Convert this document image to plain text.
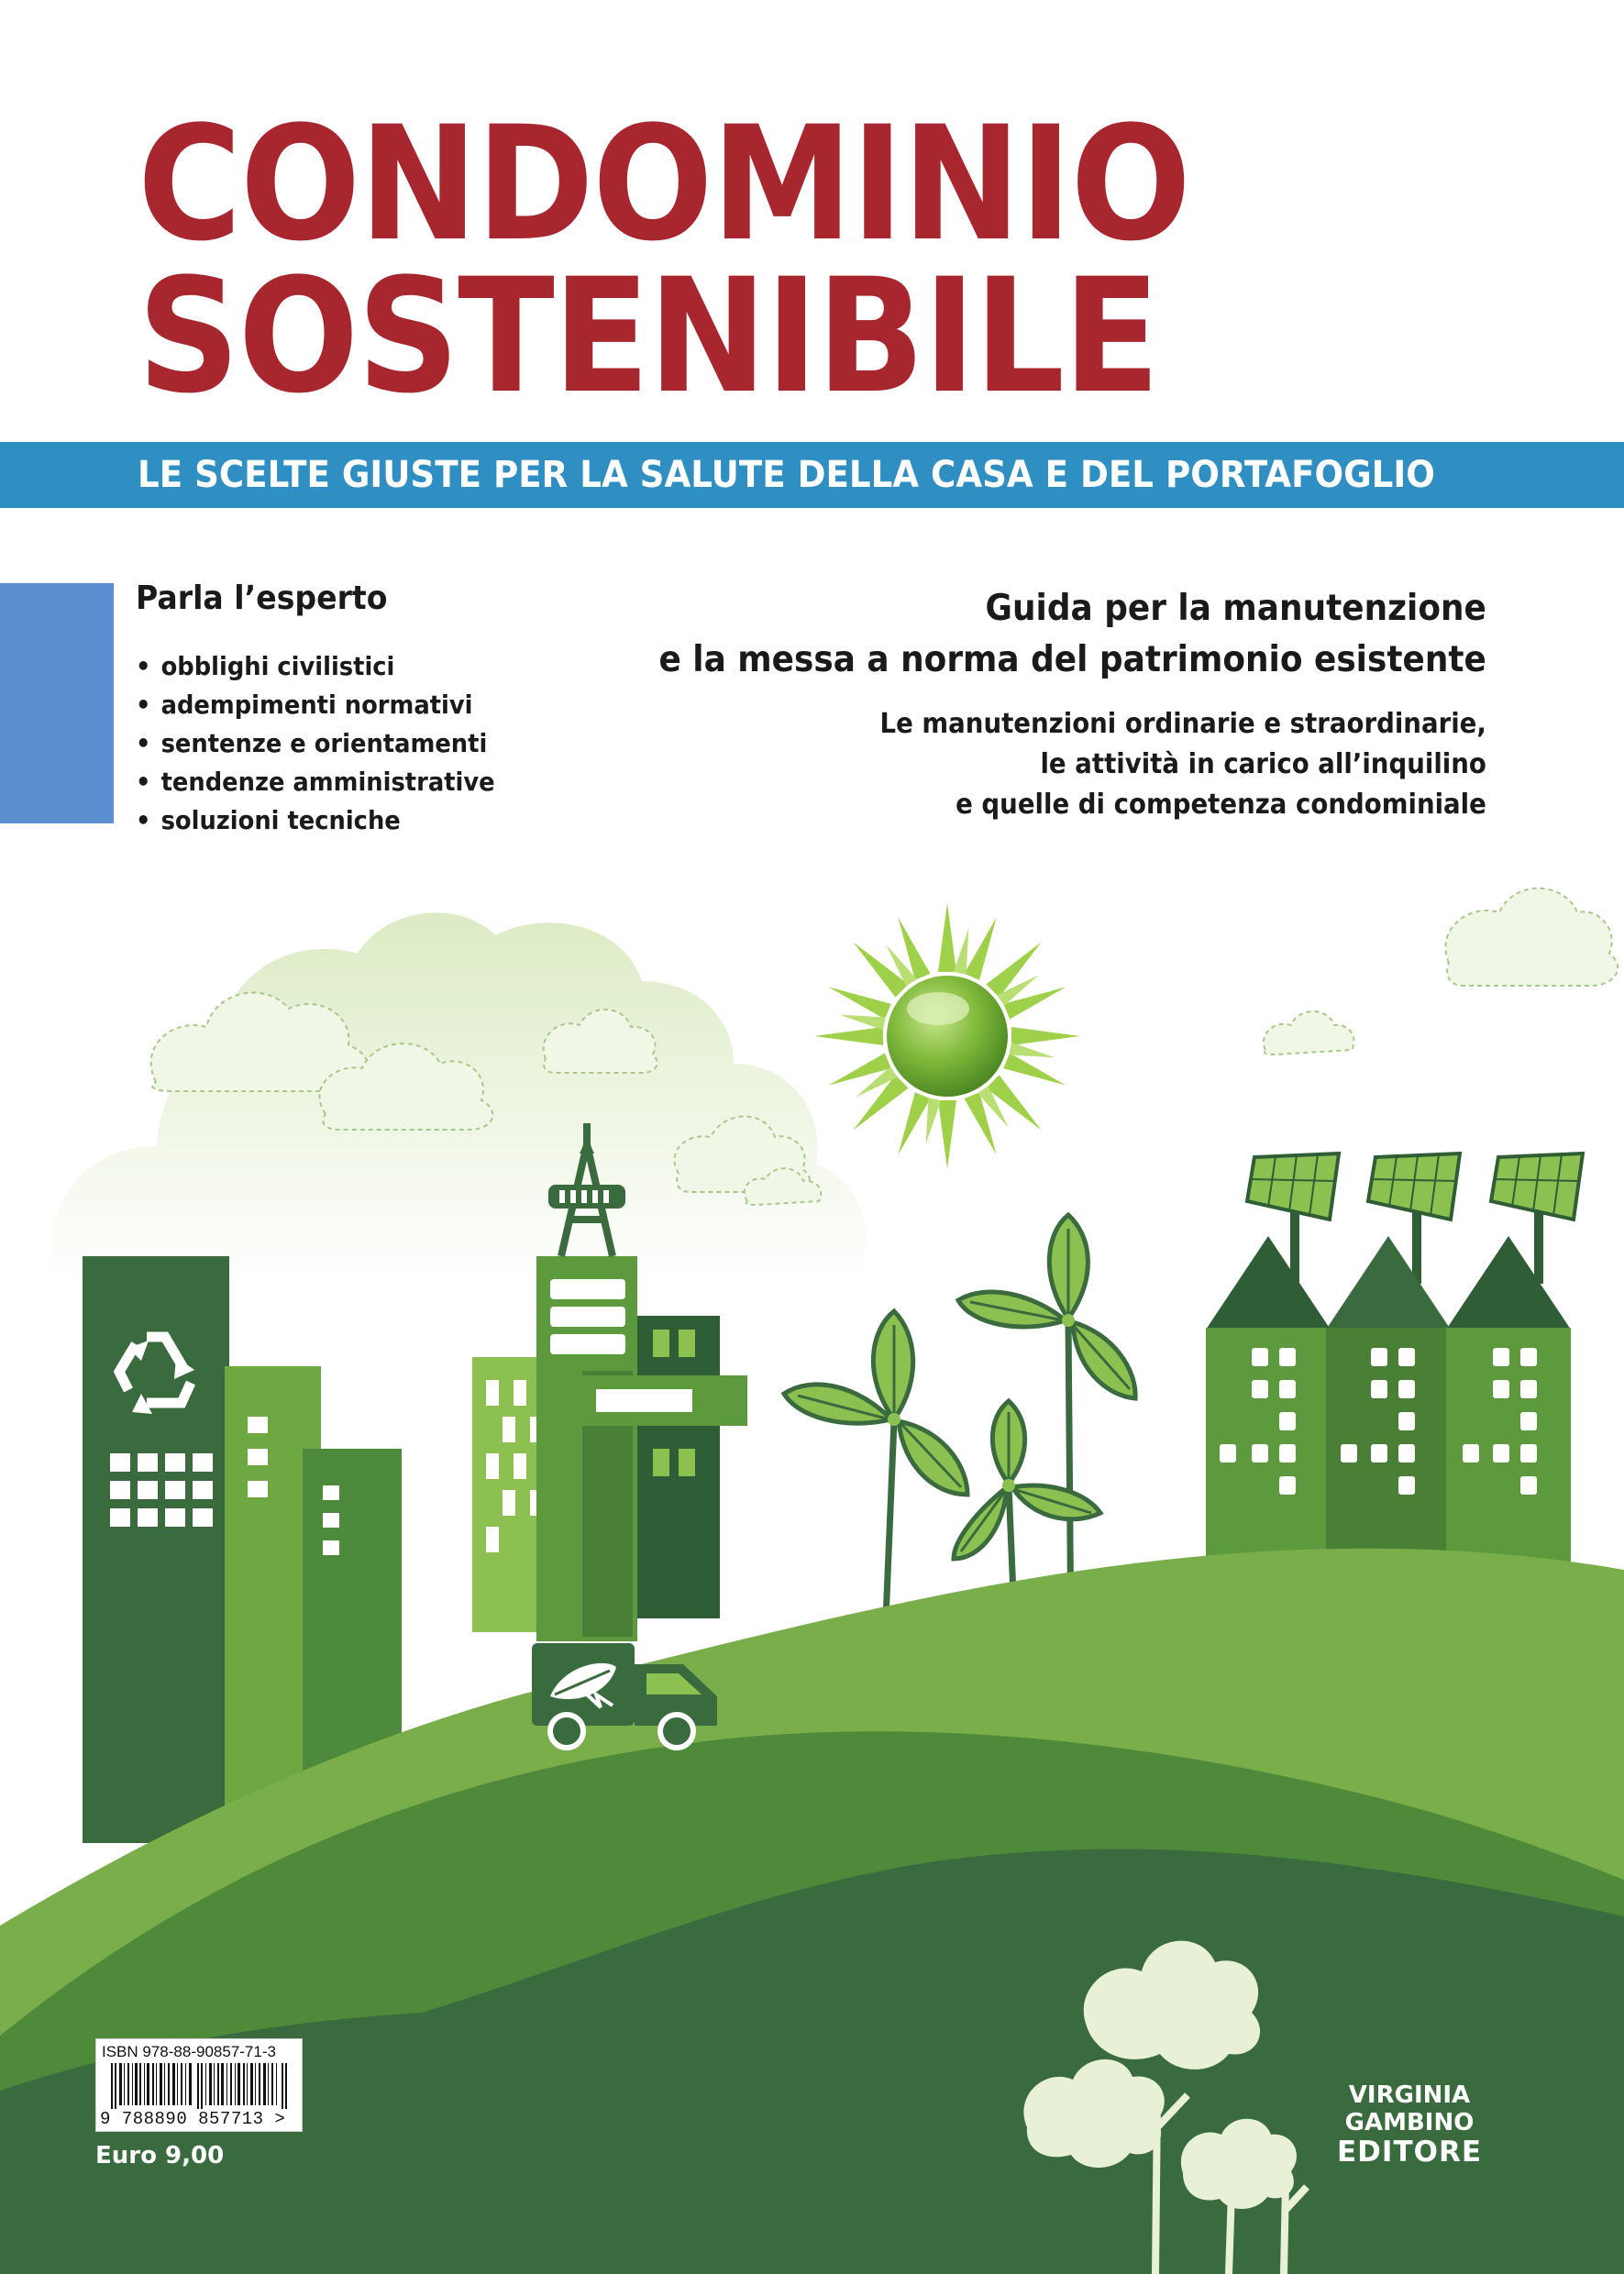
CONDOMINIO
SOSTENIBILE

LE SCELTE GIUSTE PER LA SALUTE DELLA CASA E DEL PORTAFOGLIO

Parla l’esperto
• obblighi civilistici
• adempimenti normativi
• sentenze e orientamenti
• tendenze amministrative
• soluzioni tecniche
Guida per la manutenzione
e la messa a norma del patrimonio esistente
Le manutenzioni ordinarie e straordinarie,
le attività in carico all’inquilino
e quelle di competenza condominiale
ISBN 978-88-90857-71-3
9 788890 857713 >
Euro 9,00
VIRGINIA
GAMBINO
EDITORE
